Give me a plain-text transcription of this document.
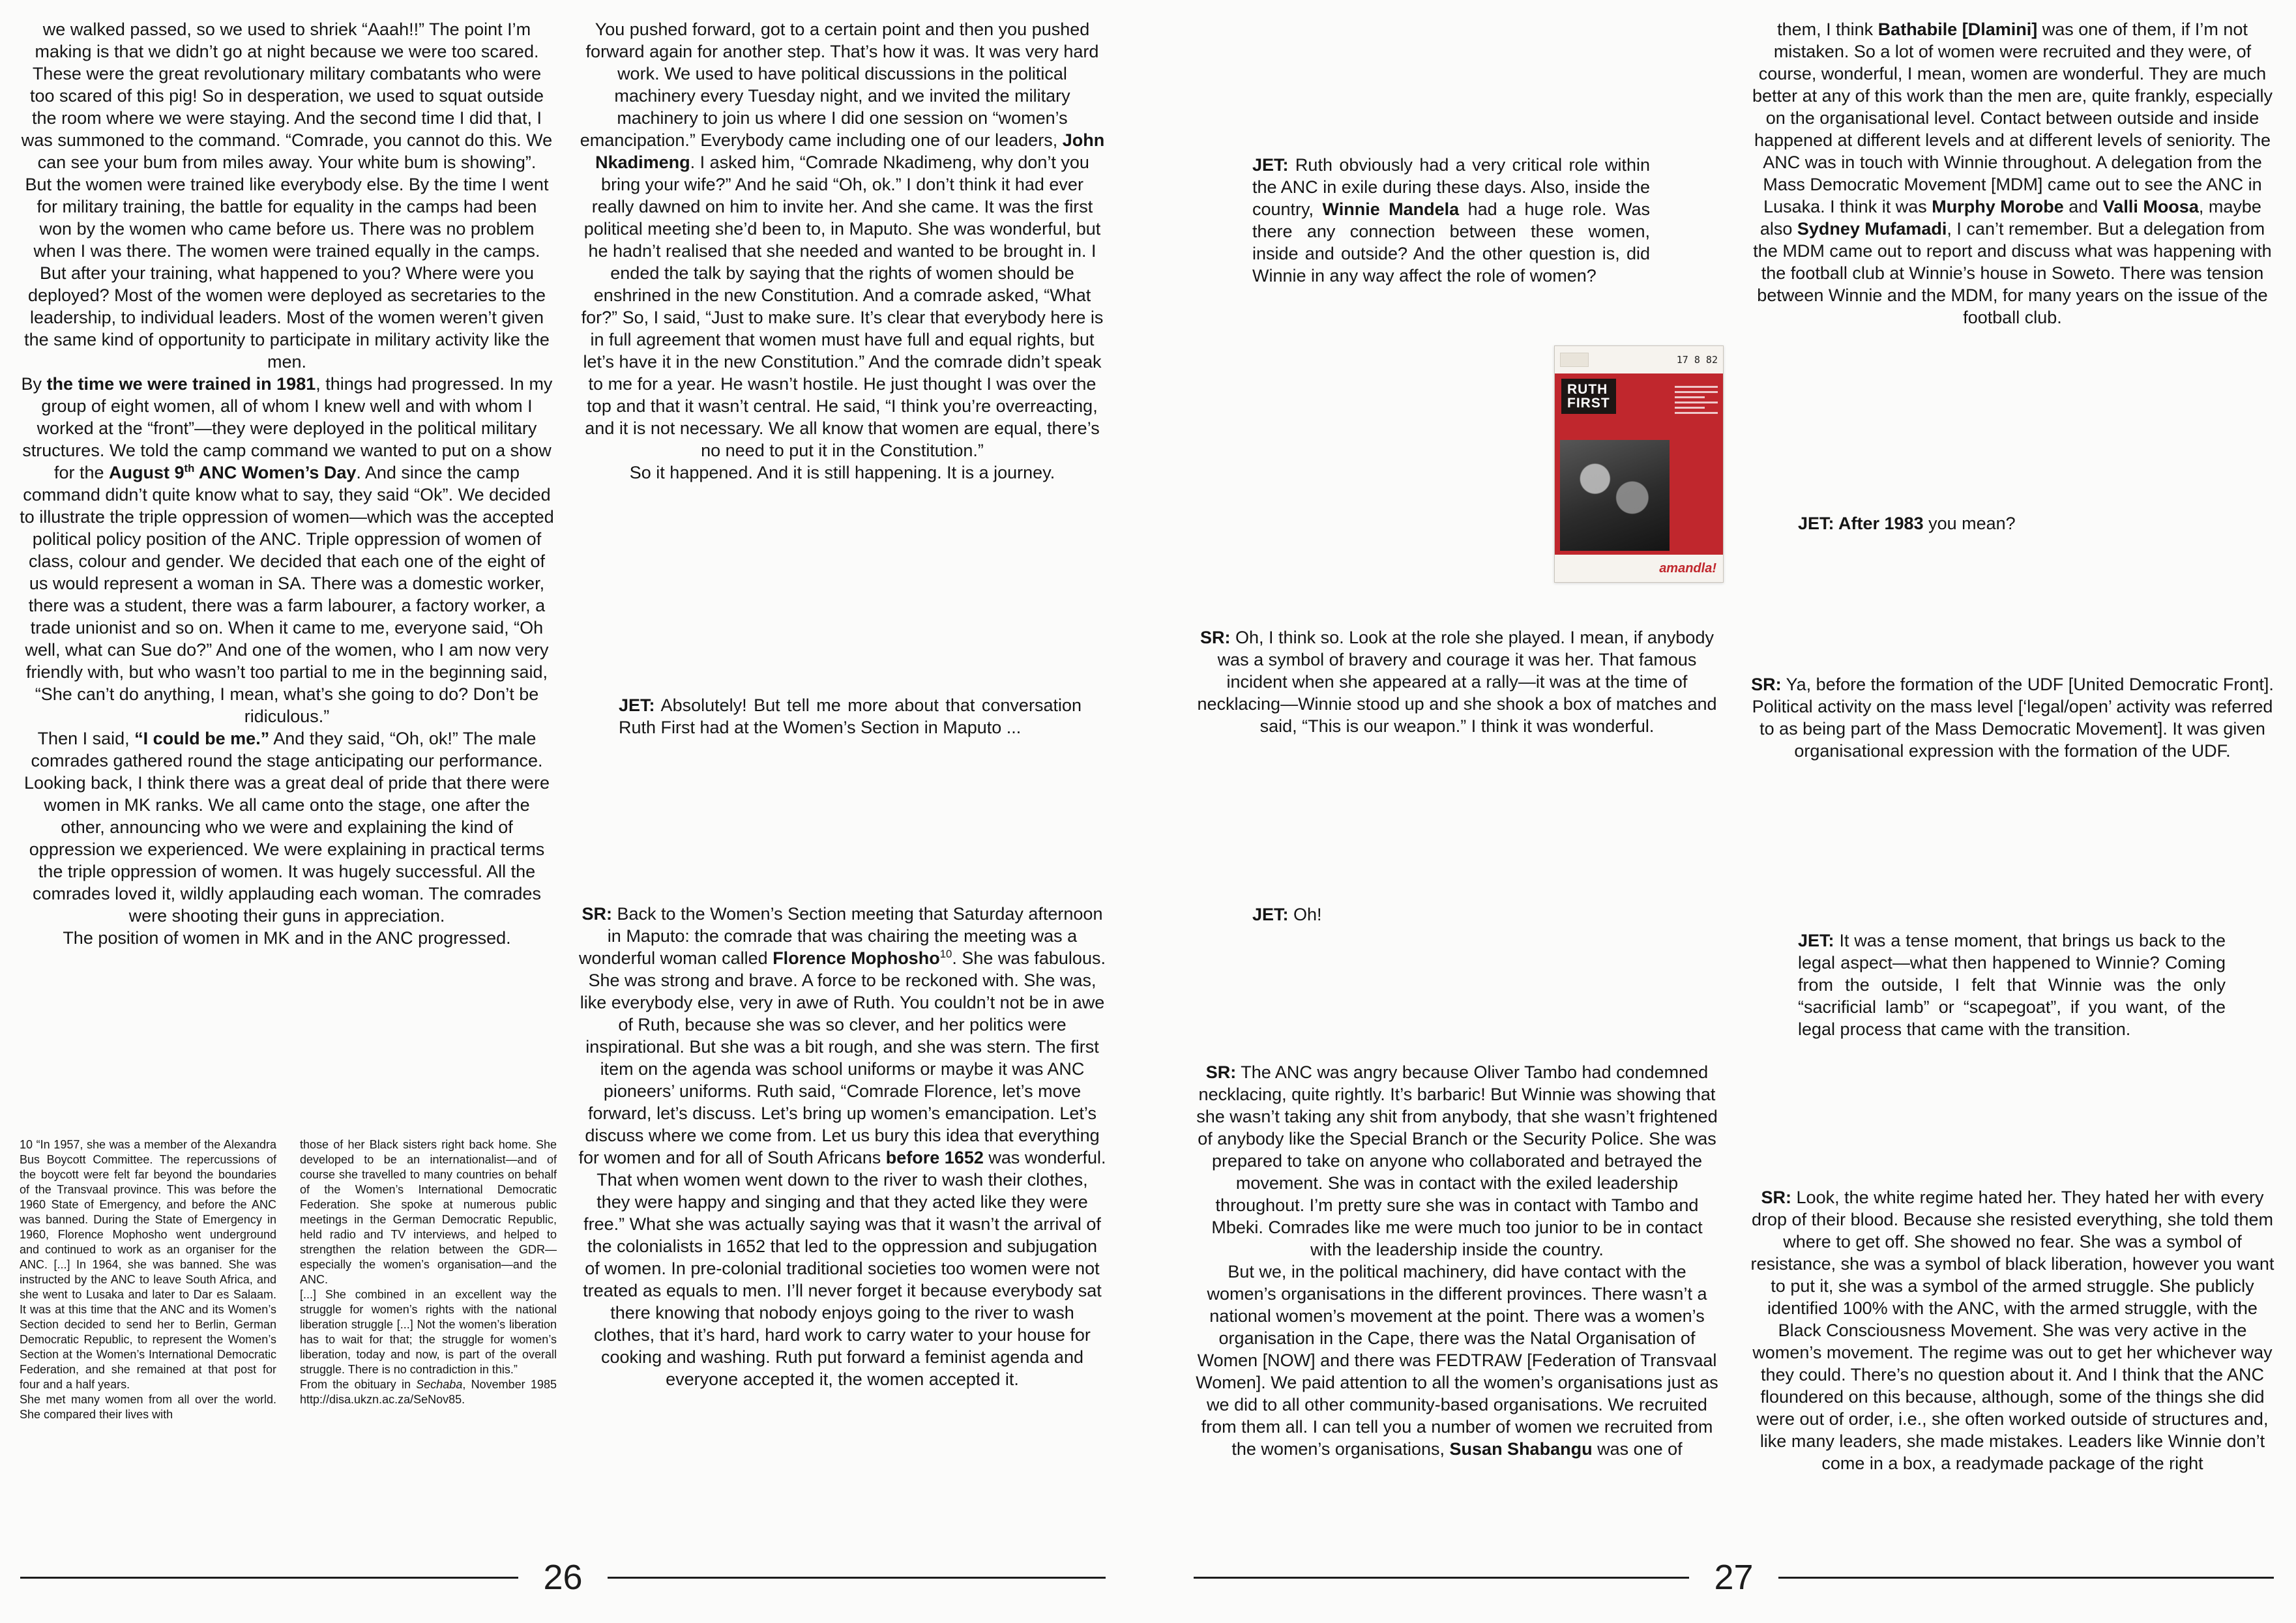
we walked passed, so we used to shriek “Aaah!!” The point I’m making is that we didn’t go at night because we were too scared. These were the great revolutionary military combatants who were too scared of this pig! So in desperation, we used to squat outside the room where we were staying. And the second time I did that, I was summoned to the command. “Comrade, you cannot do this. We can see your bum from miles away. Your white bum is showing”.

But the women were trained like everybody else. By the time I went for military training, the battle for equality in the camps had been won by the women who came before us. There was no problem when I was there. The women were trained equally in the camps. But after your training, what happened to you? Where were you deployed? Most of the women were deployed as secretaries to the leadership, to individual leaders. Most of the women weren’t given the same kind of opportunity to participate in military activity like the men.

By the time we were trained in 1981, things had progressed. In my group of eight women, all of whom I knew well and with whom I worked at the “front”—they were deployed in the political military structures. We told the camp command we wanted to put on a show for the August 9th ANC Women’s Day. And since the camp command didn’t quite know what to say, they said “Ok”. We decided to illustrate the triple oppression of women—which was the accepted political policy position of the ANC. Triple oppression of women of class, colour and gender. We decided that each one of the eight of us would represent a woman in SA. There was a domestic worker, there was a student, there was a farm labourer, a factory worker, a trade unionist and so on. When it came to me, everyone said, “Oh well, what can Sue do?” And one of the women, who I am now very friendly with, but who wasn’t too partial to me in the beginning said, “She can’t do anything, I mean, what’s she going to do? Don’t be ridiculous.”

Then I said, “I could be me.” And they said, “Oh, ok!” The male comrades gathered round the stage anticipating our performance. Looking back, I think there was a great deal of pride that there were women in MK ranks. We all came onto the stage, one after the other, announcing who we were and explaining the kind of oppression we experienced. We were explaining in practical terms the triple oppression of women. It was hugely successful. All the comrades loved it, wildly applauding each woman. The comrades were shooting their guns in appreciation.

The position of women in MK and in the ANC progressed.

10 “In 1957, she was a member of the Alexandra Bus Boycott Committee. The repercussions of the boycott were felt far beyond the boundaries of the Transvaal province. This was before the 1960 State of Emergency, and before the ANC was banned. During the State of Emergency in 1960, Florence Mophosho went underground and continued to work as an organiser for the ANC. [...] In 1964, she was banned. She was instructed by the ANC to leave South Africa, and she went to Lusaka and later to Dar es Salaam. It was at this time that the ANC and its Women’s Section decided to send her to Berlin, German Democratic Republic, to represent the Women’s Section at the Women’s International Democratic Federation, and she remained at that post for four and a half years.

She met many women from all over the world. She compared their lives with

those of her Black sisters right back home. She developed to be an internationalist—and of course she travelled to many countries on behalf of the Women’s International Democratic Federation. She spoke at numerous public meetings in the German Democratic Republic, held radio and TV interviews, and helped to strengthen the relation between the GDR—especially the women’s organisation—and the ANC.

[...] She combined in an excellent way the struggle for women’s rights with the national liberation struggle [...] Not the women’s liberation has to wait for that; the struggle for women’s liberation, today and now, is part of the overall struggle. There is no contradiction in this.”

From the obituary in Sechaba, November 1985 http://disa.ukzn.ac.za/SeNov85.

You pushed forward, got to a certain point and then you pushed forward again for another step. That’s how it was. It was very hard work. We used to have political discussions in the political machinery every Tuesday night, and we invited the military machinery to join us where I did one session on “women’s emancipation.” Everybody came including one of our leaders, John Nkadimeng. I asked him, “Comrade Nkadimeng, why don’t you bring your wife?” And he said “Oh, ok.” I don’t think it had ever really dawned on him to invite her. And she came. It was the first political meeting she’d been to, in Maputo. She was wonderful, but he hadn’t realised that she needed and wanted to be brought in. I ended the talk by saying that the rights of women should be enshrined in the new Constitution. And a comrade asked, “What for?” So, I said, “Just to make sure. It’s clear that everybody here is in full agreement that women must have full and equal rights, but let’s have it in the new Constitution.” And the comrade didn’t speak to me for a year. He wasn’t hostile. He just thought I was over the top and that it wasn’t central. He said, “I think you’re overreacting, and it is not necessary. We all know that women are equal, there’s no need to put it in the Constitution.”

So it happened. And it is still happening. It is a journey.

JET: Absolutely! But tell me more about that conversation Ruth First had at the Women’s Section in Maputo ...

SR: Back to the Women’s Section meeting that Saturday afternoon in Maputo: the comrade that was chairing the meeting was a wonderful woman called Florence Mophosho$^{10}$. She was fabulous. She was strong and brave. A force to be reckoned with. She was, like everybody else, very in awe of Ruth. You couldn’t not be in awe of Ruth, because she was so clever, and her politics were inspirational. But she was a bit rough, and she was stern. The first item on the agenda was school uniforms or maybe it was ANC pioneers’ uniforms. Ruth said, “Comrade Florence, let’s move forward, let’s discuss. Let’s bring up women’s emancipation. Let’s discuss where we come from. Let us bury this idea that everything for women and for all of South Africans before 1652 was wonderful. That when women went down to the river to wash their clothes, they were happy and singing and that they acted like they were free.” What she was actually saying was that it wasn’t the arrival of the colonialists in 1652 that led to the oppression and subjugation of women. In pre-colonial traditional societies too women were not treated as equals to men. I’ll never forget it because everybody sat there knowing that nobody enjoys going to the river to wash clothes, that it’s hard, hard work to carry water to your house for cooking and washing. Ruth put forward a feminist agenda and everyone accepted it, the women accepted it.

26

JET: Ruth obviously had a very critical role within the ANC in exile during these days. Also, inside the country, Winnie Mandela had a huge role. Was there any connection between these women, inside and outside? And the other question is, did Winnie in any way affect the role of women?

17 8 82
RUTH
FIRST
amandla!

SR: Oh, I think so. Look at the role she played. I mean, if anybody was a symbol of bravery and courage it was her. That famous incident when she appeared at a rally—it was at the time of necklacing—Winnie stood up and she shook a box of matches and said, “This is our weapon.” I think it was wonderful.

JET: Oh!

SR: The ANC was angry because Oliver Tambo had condemned necklacing, quite rightly. It’s barbaric! But Winnie was showing that she wasn’t taking any shit from anybody, that she wasn’t frightened of anybody like the Special Branch or the Security Police. She was prepared to take on anyone who collaborated and betrayed the movement. She was in contact with the exiled leadership throughout. I’m pretty sure she was in contact with Tambo and Mbeki. Comrades like me were much too junior to be in contact with the leadership inside the country.

But we, in the political machinery, did have contact with the women’s organisations in the different provinces. There wasn’t a national women’s movement at the point. There was a women’s organisation in the Cape, there was the Natal Organisation of Women [NOW] and there was FEDTRAW [Federation of Transvaal Women]. We paid attention to all the women’s organisations just as we did to all other community-based organisations. We recruited from them all. I can tell you a number of women we recruited from the women’s organisations, Susan Shabangu was one of

them, I think Bathabile [Dlamini] was one of them, if I’m not mistaken. So a lot of women were recruited and they were, of course, wonderful, I mean, women are wonderful. They are much better at any of this work than the men are, quite frankly, especially on the organisational level. Contact between outside and inside happened at different levels and at different levels of seniority. The ANC was in touch with Winnie throughout. A delegation from the Mass Democratic Movement [MDM] came out to see the ANC in Lusaka. I think it was Murphy Morobe and Valli Moosa, maybe also Sydney Mufamadi, I can’t remember. But a delegation from the MDM came out to report and discuss what was happening with the football club at Winnie’s house in Soweto. There was tension between Winnie and the MDM, for many years on the issue of the football club.

JET: After 1983 you mean?

SR: Ya, before the formation of the UDF [United Democratic Front]. Political activity on the mass level [‘legal/open’ activity was referred to as being part of the Mass Democratic Movement]. It was given organisational expression with the formation of the UDF.

JET: It was a tense moment, that brings us back to the legal aspect—what then happened to Winnie? Coming from the outside, I felt that Winnie was the only “sacrificial lamb” or “scapegoat”, if you want, of the legal process that came with the transition.

SR: Look, the white regime hated her. They hated her with every drop of their blood. Because she resisted everything, she told them where to get off. She showed no fear. She was a symbol of resistance, she was a symbol of black liberation, however you want to put it, she was a symbol of the armed struggle. She publicly identified 100% with the ANC, with the armed struggle, with the Black Consciousness Movement. She was very active in the women’s movement. The regime was out to get her whichever way they could. There’s no question about it. And I think that the ANC floundered on this because, although, some of the things she did were out of order, i.e., she often worked outside of structures and, like many leaders, she made mistakes. Leaders like Winnie don’t come in a box, a readymade package of the right

27
